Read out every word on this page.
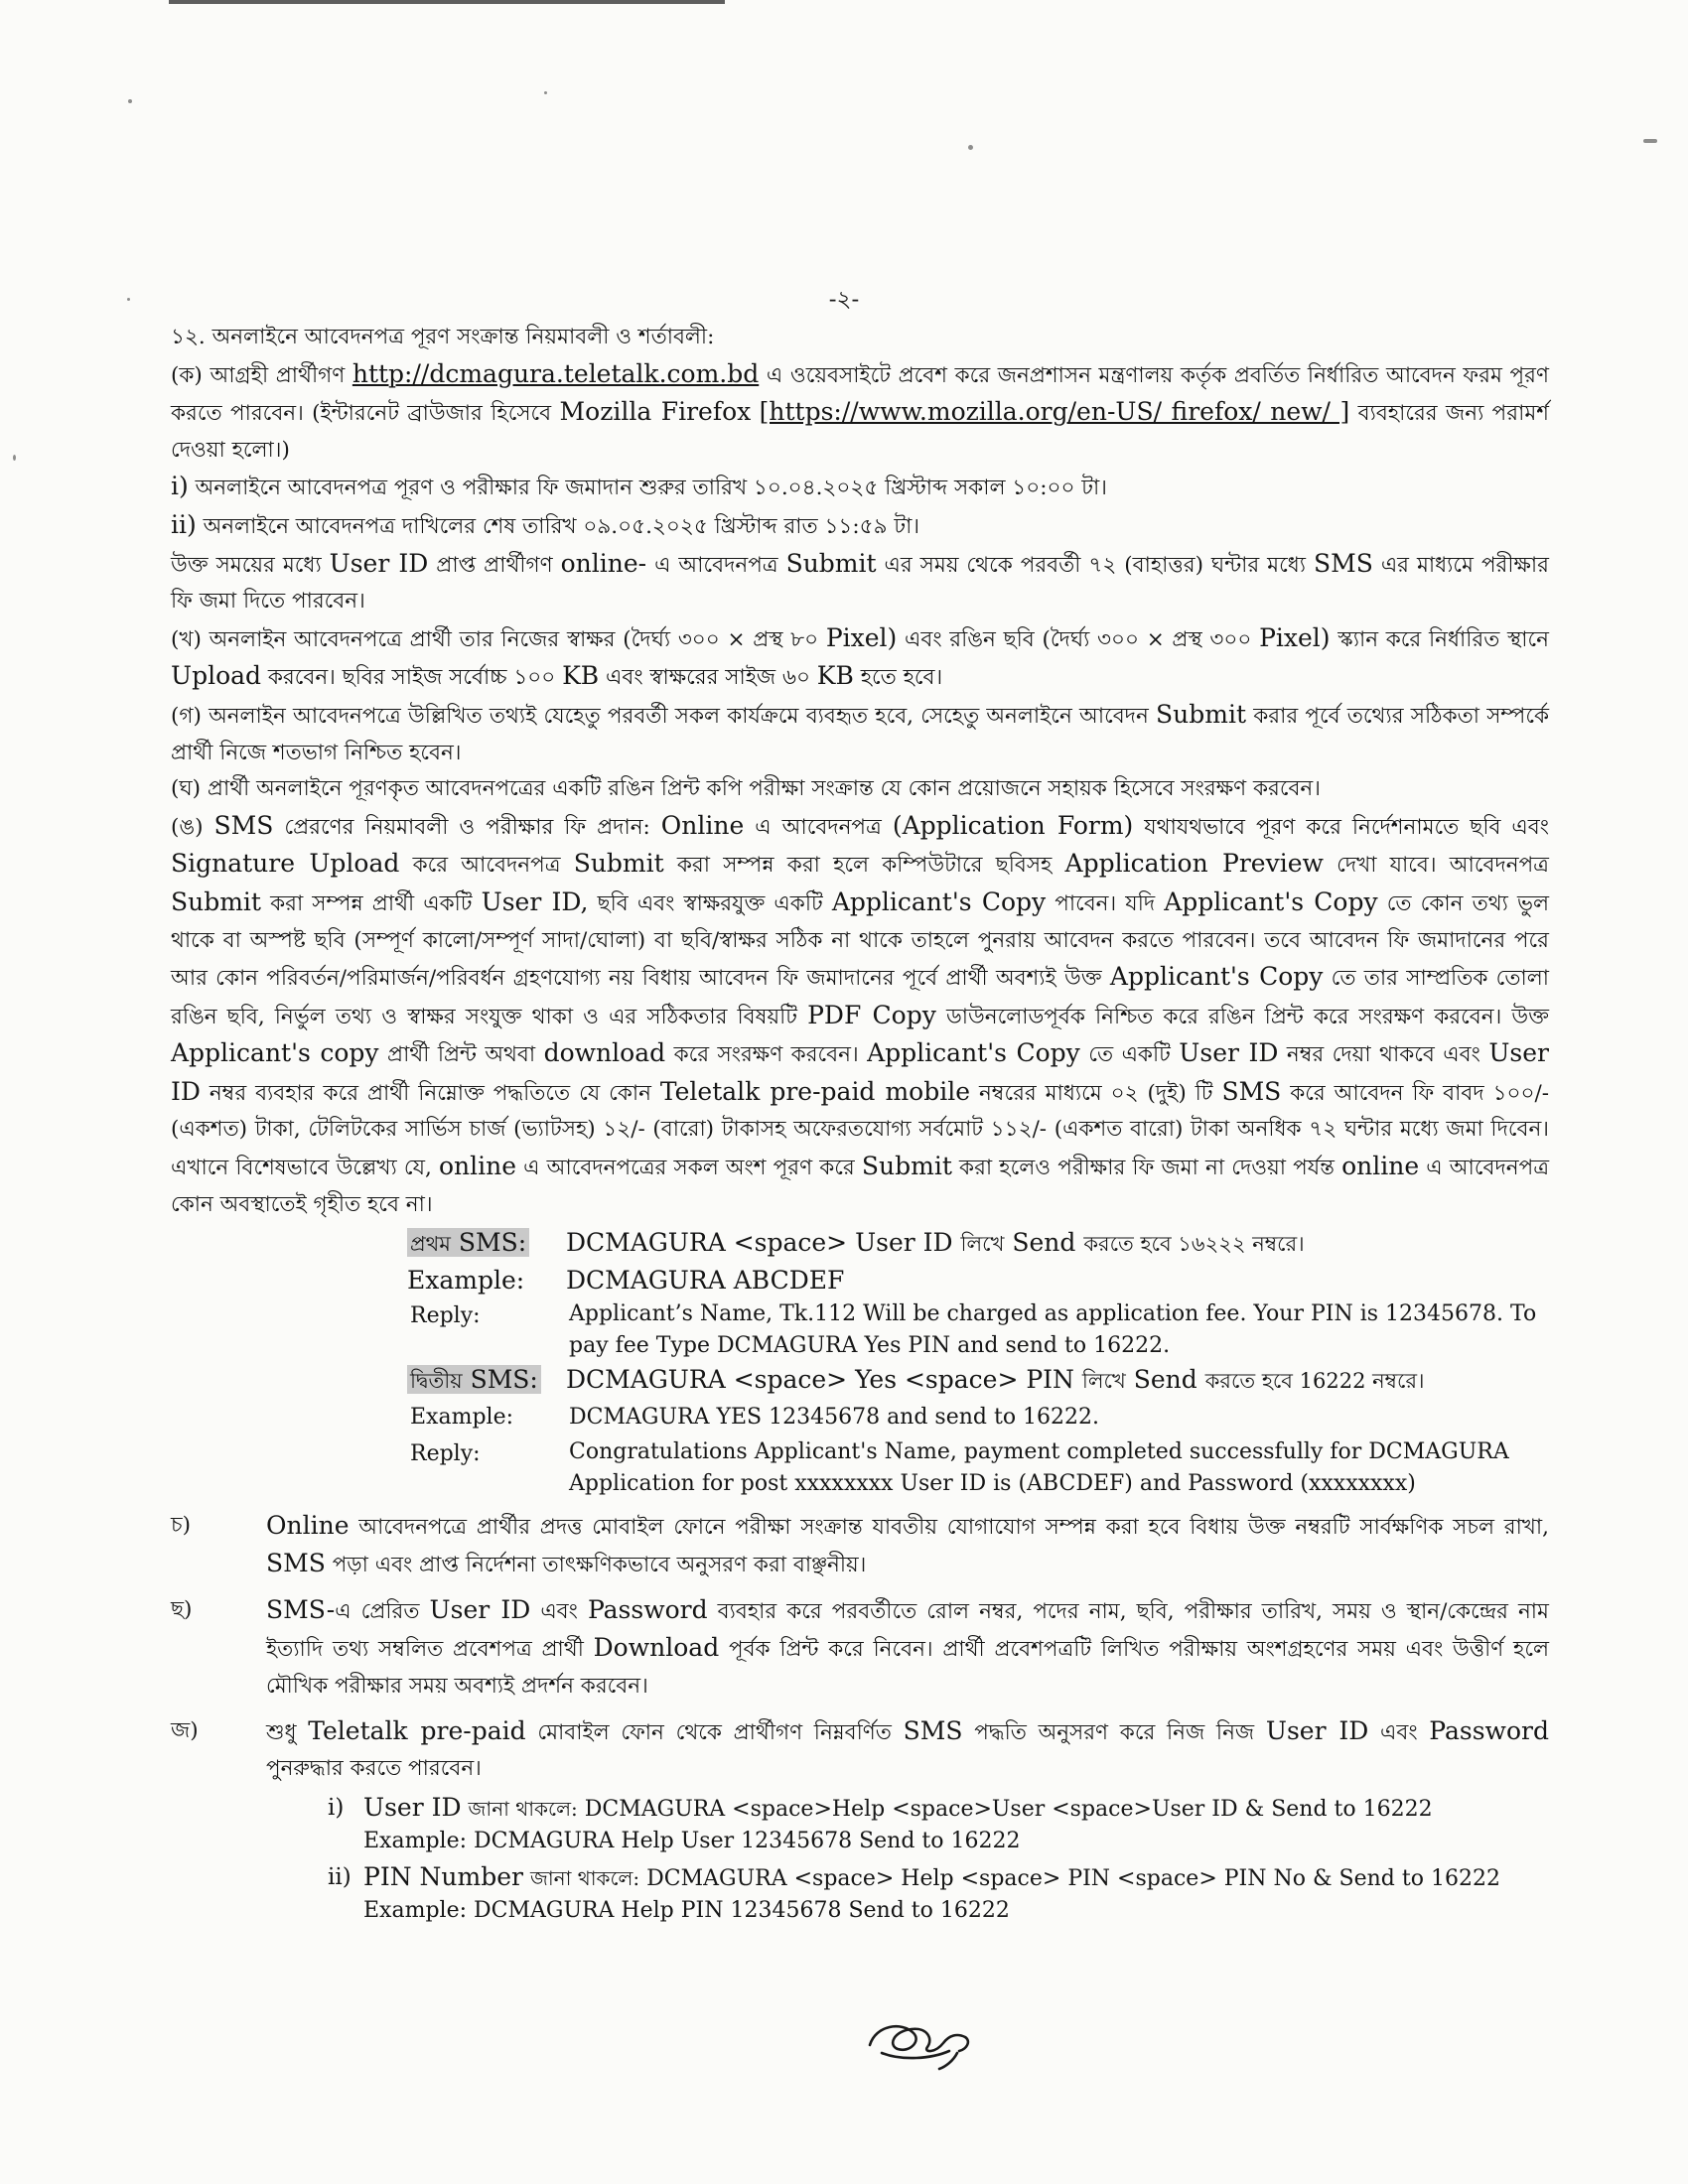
-২-

১২. অনলাইনে আবেদনপত্র পূরণ সংক্রান্ত নিয়মাবলী ও শর্তাবলী:

(ক) আগ্রহী প্রার্থীগণ http://dcmagura.teletalk.com.bd এ ওয়েবসাইটে প্রবেশ করে জনপ্রশাসন মন্ত্রণালয় কর্তৃক প্রবর্তিত নির্ধারিত আবেদন ফরম পূরণ করতে পারবেন। (ইন্টারনেট ব্রাউজার হিসেবে Mozilla Firefox [https://www.mozilla.org/en-US/ firefox/ new/ ] ব্যবহারের জন্য পরামর্শ দেওয়া হলো।)

i) অনলাইনে আবেদনপত্র পূরণ ও পরীক্ষার ফি জমাদান শুরুর তারিখ ১০.০৪.২০২৫ খ্রিস্টাব্দ সকাল ১০:০০ টা।

ii) অনলাইনে আবেদনপত্র দাখিলের শেষ তারিখ ০৯.০৫.২০২৫ খ্রিস্টাব্দ রাত ১১:৫৯ টা।

উক্ত সময়ের মধ্যে User ID প্রাপ্ত প্রার্থীগণ online- এ আবেদনপত্র Submit এর সময় থেকে পরবর্তী ৭২ (বাহাত্তর) ঘন্টার মধ্যে SMS এর মাধ্যমে পরীক্ষার ফি জমা দিতে পারবেন।

(খ) অনলাইন আবেদনপত্রে প্রার্থী তার নিজের স্বাক্ষর (দৈর্ঘ্য ৩০০ × প্রস্থ ৮০ Pixel) এবং রঙিন ছবি (দৈর্ঘ্য ৩০০ × প্রস্থ ৩০০ Pixel) স্ক্যান করে নির্ধারিত স্থানে Upload করবেন। ছবির সাইজ সর্বোচ্চ ১০০ KB এবং স্বাক্ষরের সাইজ ৬০ KB হতে হবে।

(গ) অনলাইন আবেদনপত্রে উল্লিখিত তথ্যই যেহেতু পরবর্তী সকল কার্যক্রমে ব্যবহৃত হবে, সেহেতু অনলাইনে আবেদন Submit করার পূর্বে তথ্যের সঠিকতা সম্পর্কে প্রার্থী নিজে শতভাগ নিশ্চিত হবেন।

(ঘ) প্রার্থী অনলাইনে পূরণকৃত আবেদনপত্রের একটি রঙিন প্রিন্ট কপি পরীক্ষা সংক্রান্ত যে কোন প্রয়োজনে সহায়ক হিসেবে সংরক্ষণ করবেন।

(ঙ) SMS প্রেরণের নিয়মাবলী ও পরীক্ষার ফি প্রদান: Online এ আবেদনপত্র (Application Form) যথাযথভাবে পূরণ করে নির্দেশনামতে ছবি এবং Signature Upload করে আবেদনপত্র Submit করা সম্পন্ন করা হলে কম্পিউটারে ছবিসহ Application Preview দেখা যাবে। আবেদনপত্র Submit করা সম্পন্ন প্রার্থী একটি User ID, ছবি এবং স্বাক্ষরযুক্ত একটি Applicant's Copy পাবেন। যদি Applicant's Copy তে কোন তথ্য ভুল থাকে বা অস্পষ্ট ছবি (সম্পূর্ণ কালো/সম্পূর্ণ সাদা/ঘোলা) বা ছবি/স্বাক্ষর সঠিক না থাকে তাহলে পুনরায় আবেদন করতে পারবেন। তবে আবেদন ফি জমাদানের পরে আর কোন পরিবর্তন/পরিমার্জন/পরিবর্ধন গ্রহণযোগ্য নয় বিধায় আবেদন ফি জমাদানের পূর্বে প্রার্থী অবশ্যই উক্ত Applicant's Copy তে তার সাম্প্রতিক তোলা রঙিন ছবি, নির্ভুল তথ্য ও স্বাক্ষর সংযুক্ত থাকা ও এর সঠিকতার বিষয়টি PDF Copy ডাউনলোডপূর্বক নিশ্চিত করে রঙিন প্রিন্ট করে সংরক্ষণ করবেন। উক্ত Applicant's copy প্রার্থী প্রিন্ট অথবা download করে সংরক্ষণ করবেন। Applicant's Copy তে একটি User ID নম্বর দেয়া থাকবে এবং User ID নম্বর ব্যবহার করে প্রার্থী নিম্নোক্ত পদ্ধতিতে যে কোন Teletalk pre-paid mobile নম্বরের মাধ্যমে ০২ (দুই) টি SMS করে আবেদন ফি বাবদ ১০০/- (একশত) টাকা, টেলিটকের সার্ভিস চার্জ (ভ্যাটসহ) ১২/- (বারো) টাকাসহ অফেরতযোগ্য সর্বমোট ১১২/- (একশত বারো) টাকা অনধিক ৭২ ঘন্টার মধ্যে জমা দিবেন। এখানে বিশেষভাবে উল্লেখ্য যে, online এ আবেদনপত্রের সকল অংশ পূরণ করে Submit করা হলেও পরীক্ষার ফি জমা না দেওয়া পর্যন্ত online এ আবেদনপত্র কোন অবস্থাতেই গৃহীত হবে না।

প্রথম SMS:	DCMAGURA <space> User ID লিখে Send করতে হবে ১৬২২২ নম্বরে।
Example:	DCMAGURA ABCDEF
Reply:	Applicant’s Name, Tk.112 Will be charged as application fee. Your PIN is 12345678. To pay fee Type DCMAGURA Yes PIN and send to 16222.
দ্বিতীয় SMS:	DCMAGURA <space> Yes <space> PIN লিখে Send করতে হবে 16222 নম্বরে।
Example:	DCMAGURA YES 12345678 and send to 16222.
Reply:	Congratulations Applicant's Name, payment completed successfully for DCMAGURA Application for post xxxxxxxx User ID is (ABCDEF) and Password (xxxxxxxx)
চ)	Online আবেদনপত্রে প্রার্থীর প্রদত্ত মোবাইল ফোনে পরীক্ষা সংক্রান্ত যাবতীয় যোগাযোগ সম্পন্ন করা হবে বিধায় উক্ত নম্বরটি সার্বক্ষণিক সচল রাখা, SMS পড়া এবং প্রাপ্ত নির্দেশনা তাৎক্ষণিকভাবে অনুসরণ করা বাঞ্ছনীয়।
ছ)	SMS-এ প্রেরিত User ID এবং Password ব্যবহার করে পরবর্তীতে রোল নম্বর, পদের নাম, ছবি, পরীক্ষার তারিখ, সময় ও স্থান/কেন্দ্রের নাম ইত্যাদি তথ্য সম্বলিত প্রবেশপত্র প্রার্থী Download পূর্বক প্রিন্ট করে নিবেন। প্রার্থী প্রবেশপত্রটি লিখিত পরীক্ষায় অংশগ্রহণের সময় এবং উত্তীর্ণ হলে মৌখিক পরীক্ষার সময় অবশ্যই প্রদর্শন করবেন।
জ)	শুধু Teletalk pre-paid মোবাইল ফোন থেকে প্রার্থীগণ নিম্নবর্ণিত SMS পদ্ধতি অনুসরণ করে নিজ নিজ User ID এবং Password পুনরুদ্ধার করতে পারবেন।
i) User ID জানা থাকলে: DCMAGURA <space>Help <space>User <space>User ID & Send to 16222
Example: DCMAGURA Help User 12345678 Send to 16222
ii) PIN Number জানা থাকলে: DCMAGURA <space> Help <space> PIN <space> PIN No & Send to 16222
Example: DCMAGURA Help PIN 12345678 Send to 16222
